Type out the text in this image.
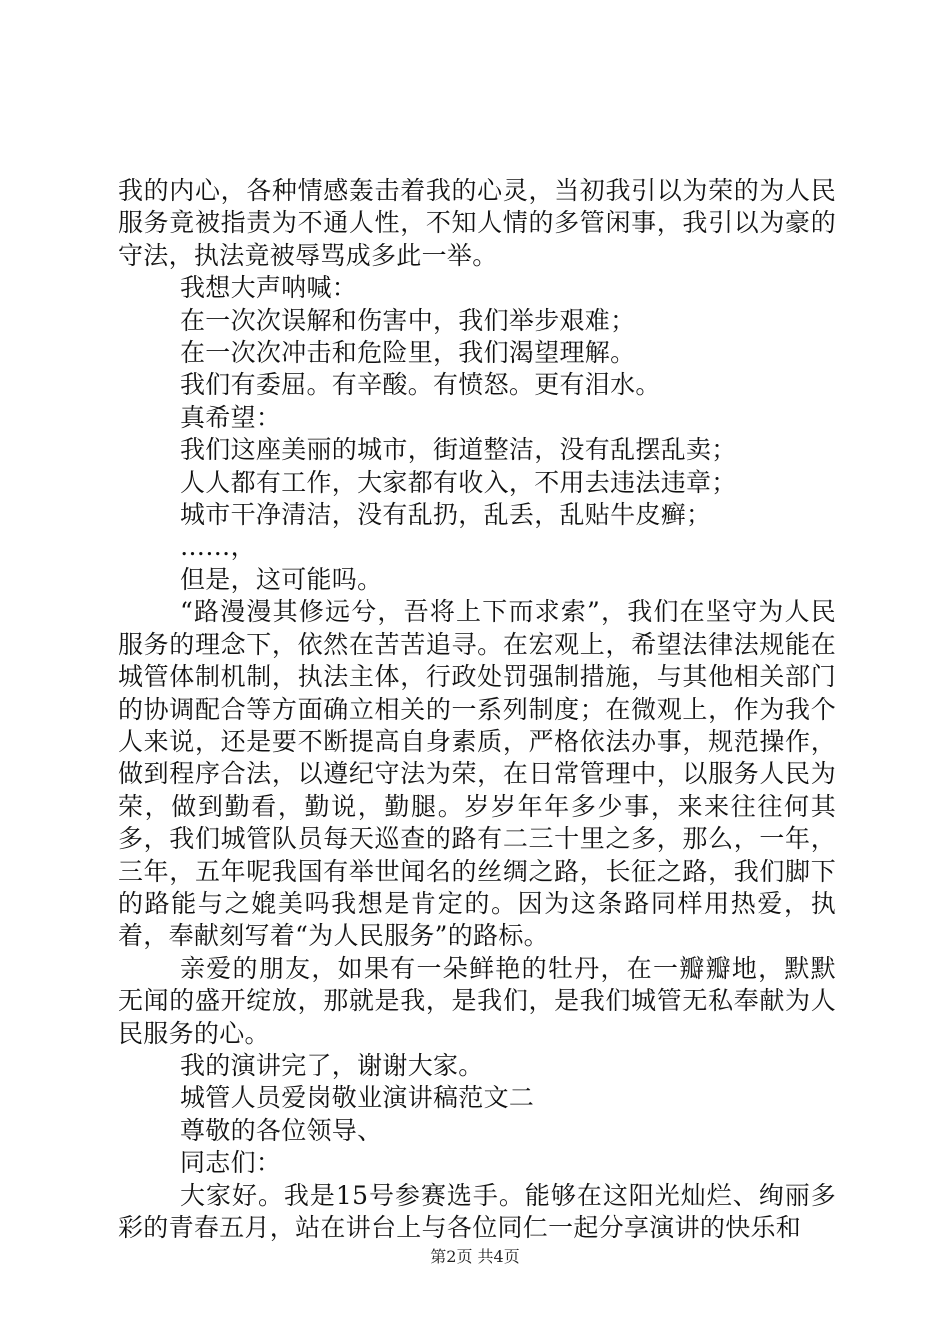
我的内心，各种情感轰击着我的心灵，当初我引以为荣的为人民服务竟被指责为不通人性，不知人情的多管闲事，我引以为豪的守法，执法竟被辱骂成多此一举。

我想大声呐喊：

在一次次误解和伤害中，我们举步艰难；

在一次次冲击和危险里，我们渴望理解。

我们有委屈。有辛酸。有愤怒。更有泪水。

真希望：

我们这座美丽的城市，街道整洁，没有乱摆乱卖；

人人都有工作，大家都有收入，不用去违法违章；

城市干净清洁，没有乱扔，乱丢，乱贴牛皮癣；

……，

但是，这可能吗。

“路漫漫其修远兮，吾将上下而求索”，我们在坚守为人民服务的理念下，依然在苦苦追寻。在宏观上，希望法律法规能在城管体制机制，执法主体，行政处罚强制措施，与其他相关部门的协调配合等方面确立相关的一系列制度；在微观上，作为我个人来说，还是要不断提高自身素质，严格依法办事，规范操作，做到程序合法，以遵纪守法为荣，在日常管理中，以服务人民为荣，做到勤看，勤说，勤腿。岁岁年年多少事，来来往往何其多，我们城管队员每天巡查的路有二三十里之多，那么，一年，三年，五年呢我国有举世闻名的丝绸之路，长征之路，我们脚下的路能与之媲美吗我想是肯定的。因为这条路同样用热爱，执着，奉献刻写着“为人民服务”的路标。

亲爱的朋友，如果有一朵鲜艳的牡丹，在一瓣瓣地，默默无闻的盛开绽放，那就是我，是我们，是我们城管无私奉献为人民服务的心。

我的演讲完了，谢谢大家。

城管人员爱岗敬业演讲稿范文二

尊敬的各位领导、

同志们：

大家好。我是15号参赛选手。能够在这阳光灿烂、绚丽多彩的青春五月，站在讲台上与各位同仁一起分享演讲的快乐和

第2页 共4页
